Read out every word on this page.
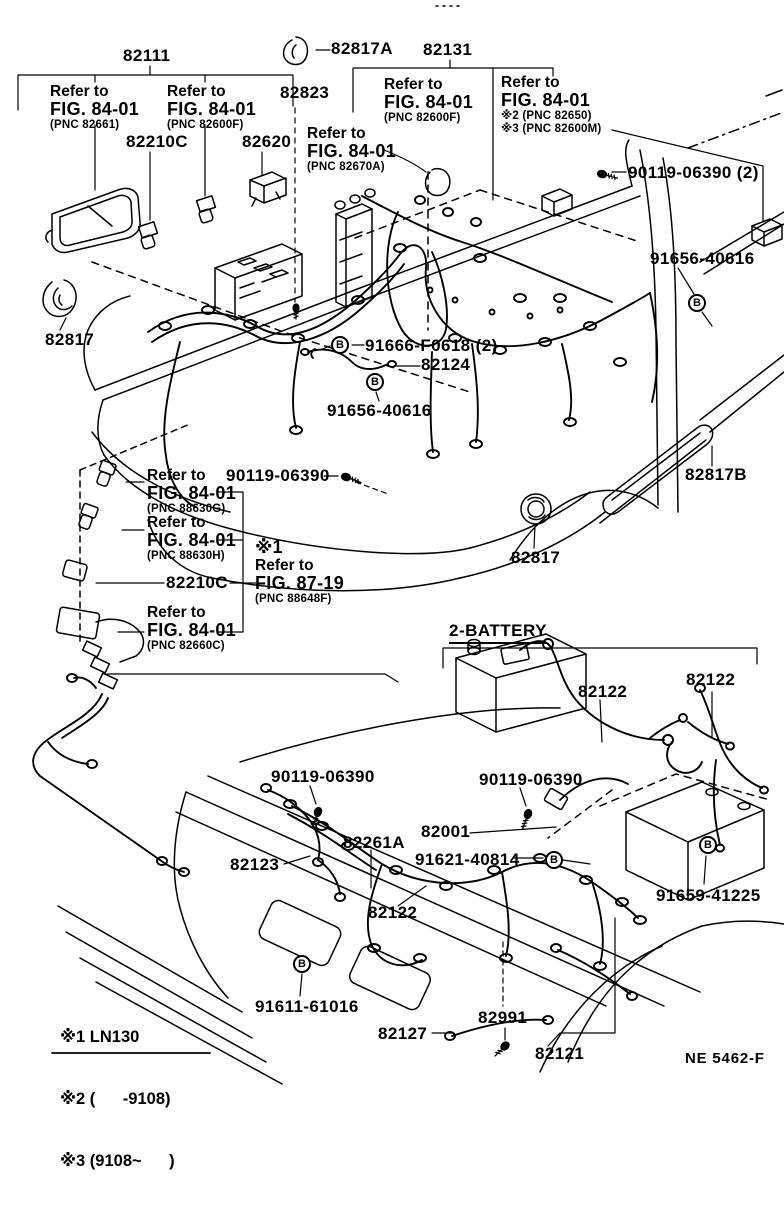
82111	82817A 82131
82823
82210C	82620
90119-06390 (2)
91656-40616
82817	91666-F0618 (2)
82124
91656-40616
90119-06390	82817B
82817
82210C
82122
82122
90119-06390	90119-06390
82001
82261A
91621-40814
82123
82122
91659-41225
91611-61016
82127
82991
82121
2-BATTERY
NE 5462-F
Refer to
FIG. 84-01
(PNC 82661)
Refer to
FIG. 84-01
(PNC 82600F)
Refer to
FIG. 84-01
(PNC 82600F)
Refer to
FIG. 84-01
※2 (PNC 82650)
※3 (PNC 82600M)
Refer to
FIG. 84-01
(PNC 82670A)
Refer to
FIG. 84-01
(PNC 88630G)
Refer to
FIG. 84-01
(PNC 88630H)	※1
Refer to
FIG. 87-19
(PNC 88648F)
Refer to
FIG. 84-01
(PNC 82660C)
B
B
B
B
B
B

※1 LN130

※2 (      -9108)

※3 (9108~      )
